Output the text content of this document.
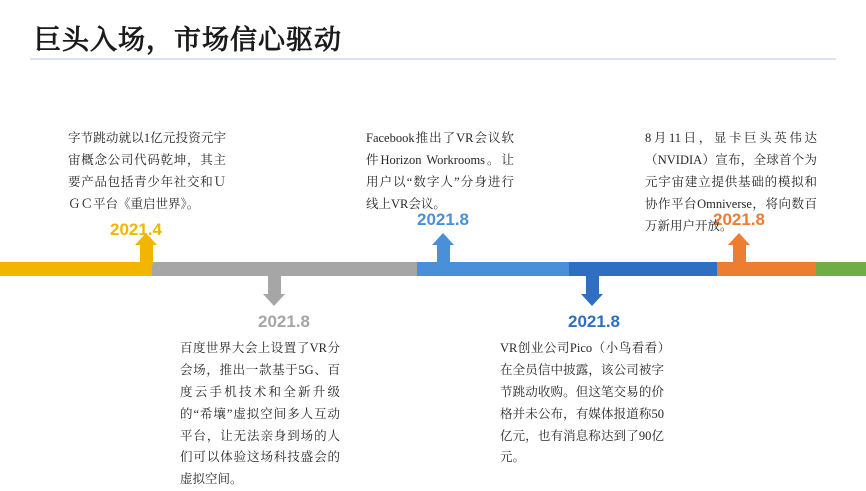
巨头入场，市场信心驱动
2021.4
2021.8
2021.8
2021.8
2021.8
字节跳动就以1亿元投资元宇宙概念公司代码乾坤，其主要产品包括青少年社交和ＵＧＣ平台《重启世界》。
百度世界大会上设置了VR分会场，推出一款基于5G、百度云手机技术和全新升级的“希壤”虚拟空间多人互动平台，让无法亲身到场的人们可以体验这场科技盛会的虚拟空间。
Facebook推出了VR会议软件Horizon Workrooms。让用户以“数字人”分身进行线上VR会议。
VR创业公司Pico（小鸟看看）在全员信中披露，该公司被字节跳动收购。但这笔交易的价格并未公布，有媒体报道称50亿元，也有消息称达到了90亿元。
8月11日，显卡巨头英伟达（NVIDIA）宣布，全球首个为元宇宙建立提供基础的模拟和协作平台Omniverse，将向数百万新用户开放。
